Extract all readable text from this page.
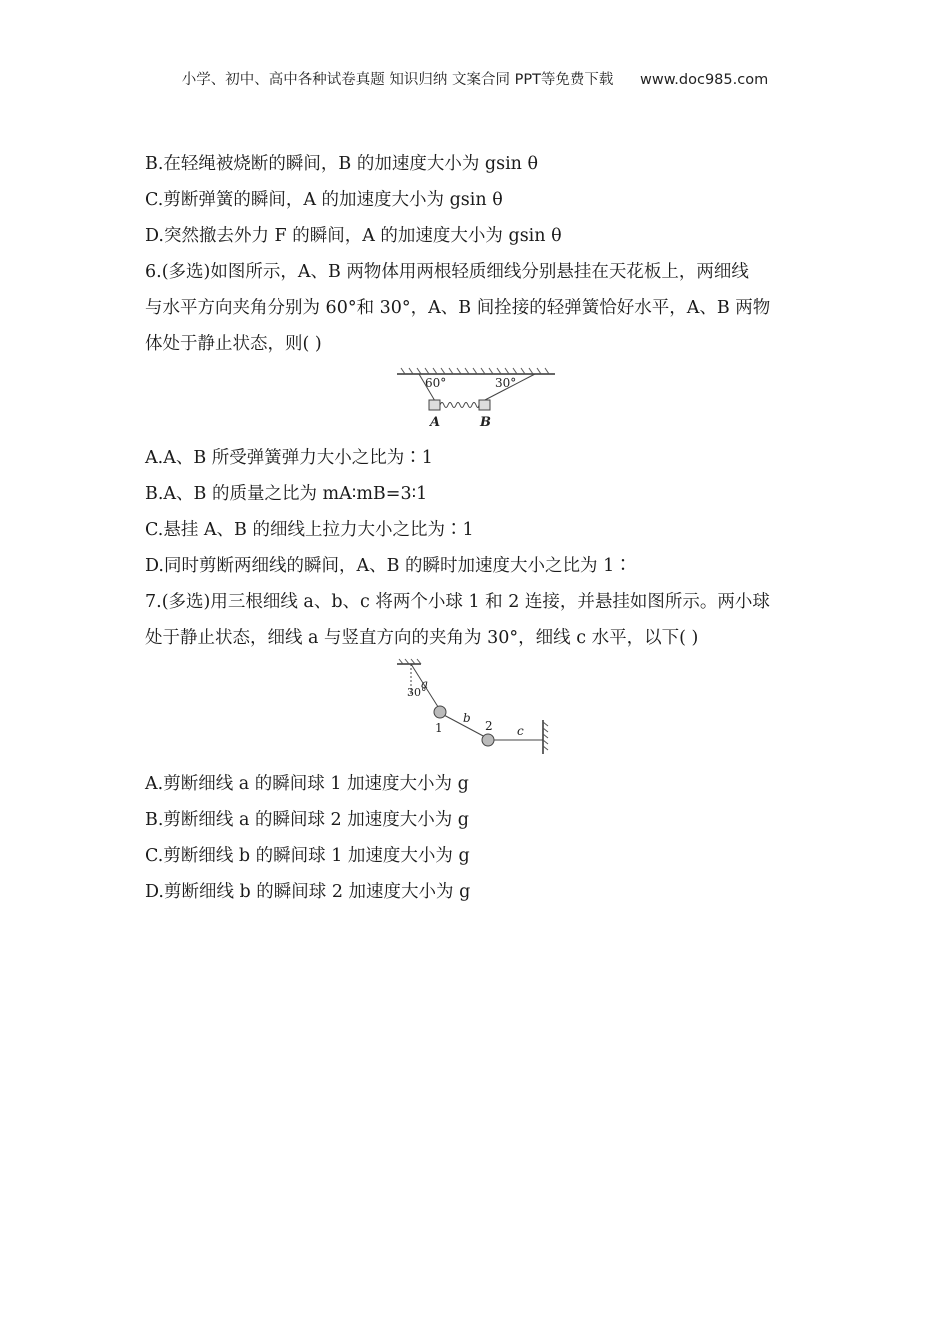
小学、初中、高中各种试卷真题 知识归纳 文案合同 PPT等免费下载 www.doc985.com
B.在轻绳被烧断的瞬间，B 的加速度大小为 gsin θ
C.剪断弹簧的瞬间，A 的加速度大小为 gsin θ
D.突然撤去外力 F 的瞬间，A 的加速度大小为 gsin θ
6.(多选)如图所示，A、B 两物体用两根轻质细线分别悬挂在天花板上，两细线
与水平方向夹角分别为 60°和 30°，A、B 间拴接的轻弹簧恰好水平，A、B 两物
体处于静止状态，则( )
60°	30°
A	B
A.A、B 所受弹簧弹力大小之比为∶1
B.A、B 的质量之比为 mA∶mB=3∶1
C.悬挂 A、B 的细线上拉力大小之比为∶1
D.同时剪断两细线的瞬间，A、B 的瞬时加速度大小之比为 1∶
7.(多选)用三根细线 a、b、c 将两个小球 1 和 2 连接，并悬挂如图所示。两小球
处于静止状态，细线 a 与竖直方向的夹角为 30°，细线 c 水平，以下( )
30°
a
b
c
1	2
A.剪断细线 a 的瞬间球 1 加速度大小为 g
B.剪断细线 a 的瞬间球 2 加速度大小为 g
C.剪断细线 b 的瞬间球 1 加速度大小为 g
D.剪断细线 b 的瞬间球 2 加速度大小为 g
